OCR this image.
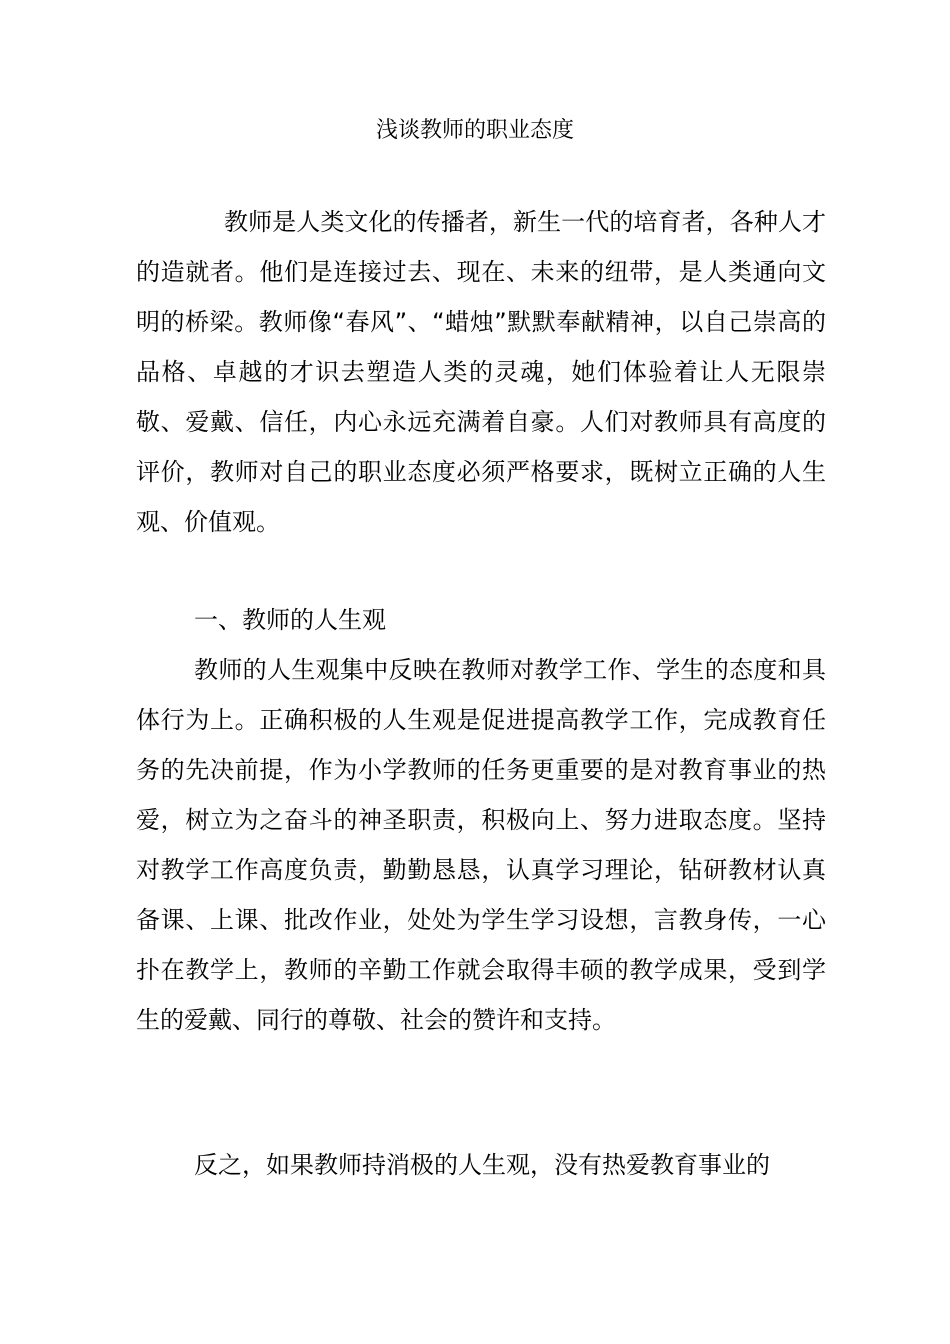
浅谈教师的职业态度

教师是人类文化的传播者，新生一代的培育者，各种人才的造就者。他们是连接过去、现在、未来的纽带，是人类通向文明的桥梁。教师像“春风”、“蜡烛”默默奉献精神，以自己崇高的品格、卓越的才识去塑造人类的灵魂，她们体验着让人无限崇敬、爱戴、信任，内心永远充满着自豪。人们对教师具有高度的评价，教师对自己的职业态度必须严格要求，既树立正确的人生观、价值观。

一、教师的人生观

教师的人生观集中反映在教师对教学工作、学生的态度和具体行为上。正确积极的人生观是促进提高教学工作，完成教育任务的先决前提，作为小学教师的任务更重要的是对教育事业的热爱，树立为之奋斗的神圣职责，积极向上、努力进取态度。坚持对教学工作高度负责，勤勤恳恳，认真学习理论，钻研教材认真备课、上课、批改作业，处处为学生学习设想，言教身传，一心扑在教学上，教师的辛勤工作就会取得丰硕的教学成果，受到学生的爱戴、同行的尊敬、社会的赞许和支持。

反之，如果教师持消极的人生观，没有热爱教育事业的
